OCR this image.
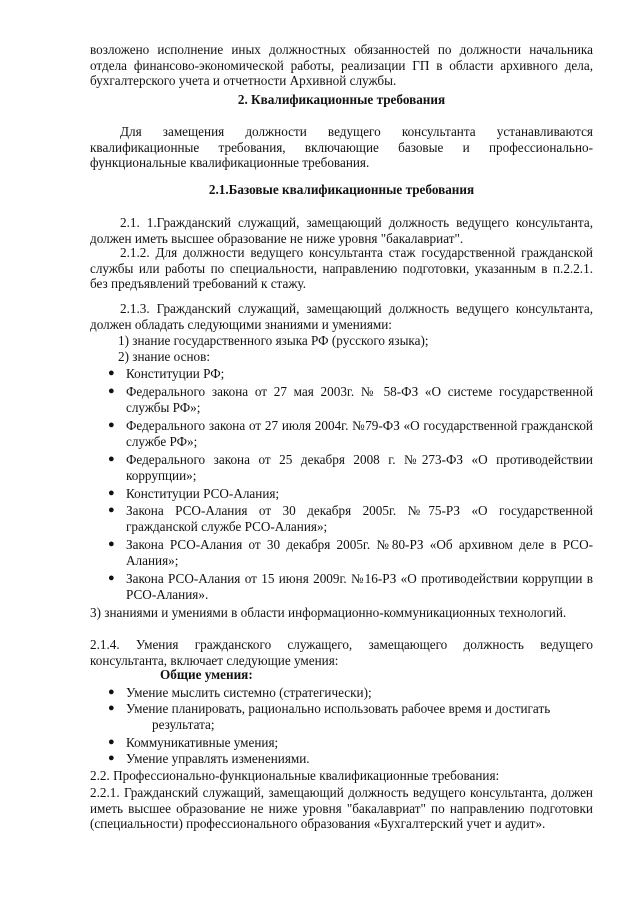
возложено исполнение иных должностных обязанностей по должности начальника отдела финансово-экономической работы, реализации ГП в области архивного дела, бухгалтерского учета и отчетности Архивной службы.

2. Квалификационные требования

Для замещения должности ведущего консультанта устанавливаются квалификационные требования, включающие базовые и профессионально-функциональные квалификационные требования.

2.1.Базовые квалификационные требования

2.1. 1.Гражданский служащий, замещающий должность ведущего консультанта, должен иметь высшее образование не ниже уровня "бакалавриат".

2.1.2. Для должности ведущего консультанта стаж государственной гражданской службы или работы по специальности, направлению подготовки, указанным в п.2.2.1. без предъявлений требований к стажу.

2.1.3. Гражданский служащий, замещающий должность ведущего консультанта, должен обладать следующими знаниями и умениями:

1) знание государственного языка РФ (русского языка);

2) знание основ:

● Конституции РФ;
● Федерального закона от 27 мая 2003г. № 58-ФЗ «О системе государственной службы РФ»;
● Федерального закона от 27 июля 2004г. №79-ФЗ «О государственной гражданской службе РФ»;
● Федерального закона от 25 декабря 2008 г. №273-ФЗ «О противодействии коррупции»;
● Конституции РСО-Алания;
● Закона РСО-Алания от 30 декабря 2005г. №75-РЗ «О государственной гражданской службе РСО-Алания»;
● Закона РСО-Алания от 30 декабря 2005г. №80-РЗ «Об архивном деле в РСО-Алания»;
● Закона РСО-Алания от 15 июня 2009г. №16-РЗ «О противодействии коррупции в РСО-Алания».

3) знаниями и умениями в области информационно-коммуникационных технологий.

2.1.4. Умения гражданского служащего, замещающего должность ведущего консультанта, включает следующие умения:

Общие умения:

● Умение мыслить системно (стратегически);
● Умение планировать, рационально использовать рабочее время и достигать
результата;
● Коммуникативные умения;
● Умение управлять изменениями.

2.2. Профессионально-функциональные квалификационные требования:

2.2.1. Гражданский служащий, замещающий должность ведущего консультанта, должен иметь высшее образование не ниже уровня "бакалавриат" по направлению подготовки (специальности) профессионального образования «Бухгалтерский учет и аудит».
